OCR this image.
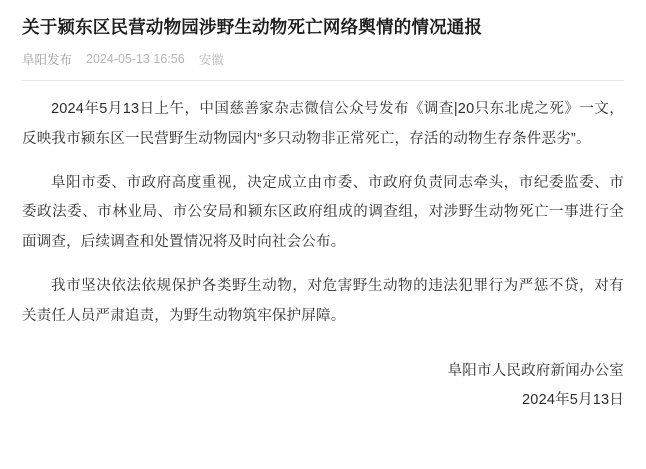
关于颍东区民营动物园涉野生动物死亡网络舆情的情况通报
阜阳发布 2024-05-13 16:56 安徽

2024年5月13日上午，中国慈善家杂志微信公众号发布《调查|20只东北虎之死》一文，反映我市颍东区一民营野生动物园内“多只动物非正常死亡，存活的动物生存条件恶劣”。

阜阳市委、市政府高度重视，决定成立由市委、市政府负责同志牵头，市纪委监委、市委政法委、市林业局、市公安局和颍东区政府组成的调查组，对涉野生动物死亡一事进行全面调查，后续调查和处置情况将及时向社会公布。

我市坚决依法依规保护各类野生动物，对危害野生动物的违法犯罪行为严惩不贷，对有关责任人员严肃追责，为野生动物筑牢保护屏障。

阜阳市人民政府新闻办公室
2024年5月13日
